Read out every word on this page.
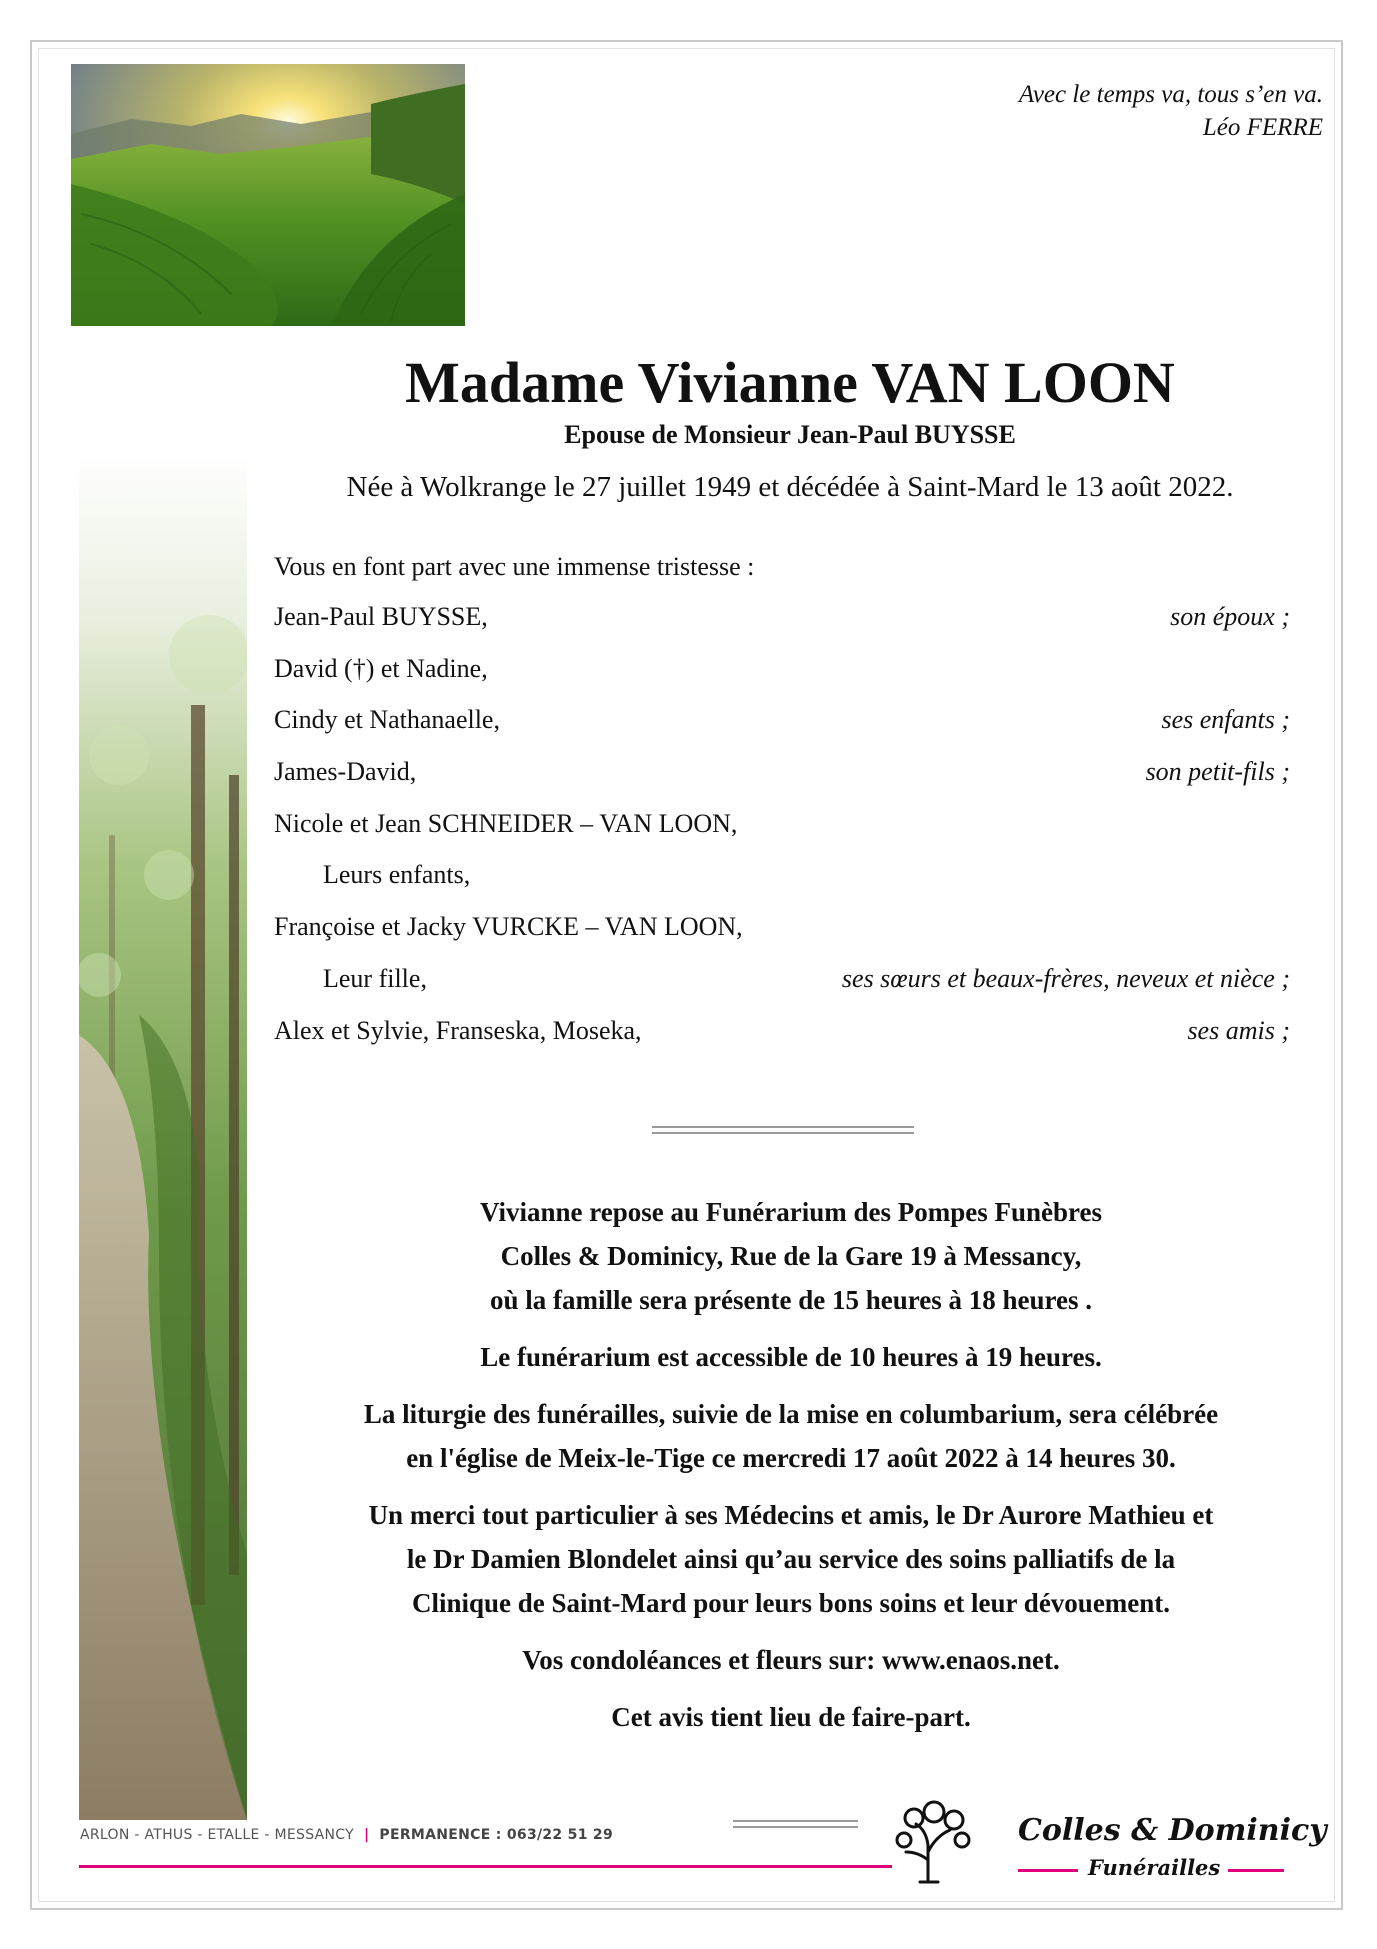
Avec le temps va, tous s’en va.
Léo FERRE
Madame Vivianne VAN LOON
Epouse de Monsieur Jean-Paul BUYSSE
Née à Wolkrange le 27 juillet 1949 et décédée à Saint-Mard le 13 août 2022.
Vous en font part avec une immense tristesse :
Jean-Paul BUYSSE,	son époux ;
David (†) et Nadine,
Cindy et Nathanaelle,	ses enfants ;
James-David,	son petit-fils ;
Nicole et Jean SCHNEIDER – VAN LOON,
Leurs enfants,
Françoise et Jacky VURCKE – VAN LOON,
Leur fille,	ses sœurs et beaux-frères, neveux et nièce ;
Alex et Sylvie, Franseska, Moseka,	ses amis ;

Vivianne repose au Funérarium des Pompes Funèbres
Colles & Dominicy, Rue de la Gare 19 à Messancy,
où la famille sera présente de 15 heures à 18 heures .

Le funérarium est accessible de 10 heures à 19 heures.

La liturgie des funérailles, suivie de la mise en columbarium, sera célébrée
en l'église de Meix-le-Tige ce mercredi 17 août 2022 à 14 heures 30.

Un merci tout particulier à ses Médecins et amis, le Dr Aurore Mathieu et
le Dr Damien Blondelet ainsi qu’au service des soins palliatifs de la
Clinique de Saint-Mard pour leurs bons soins et leur dévouement.

Vos condoléances et fleurs sur: www.enaos.net.

Cet avis tient lieu de faire-part.

ARLON - ATHUS - ETALLE - MESSANCY | PERMANENCE : 063/22 51 29	Colles & Dominicy
Funérailles
